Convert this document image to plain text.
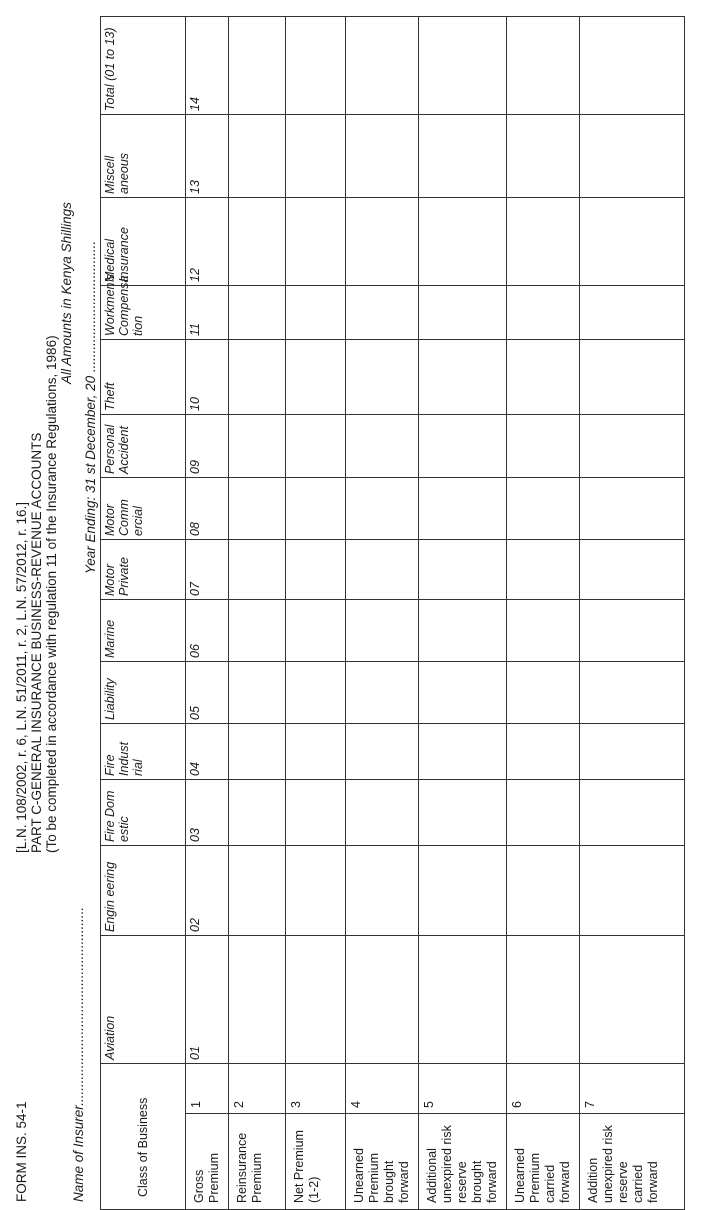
FORM INS. 54-1
[L.N. 108/2002, r. 6, L.N. 51/2011, r. 2, L.N. 57/2012, r. 16.] PART C-GENERAL INSURANCE BUSINESS-REVENUE ACCOUNTS (To be completed in accordance with regulation 11 of the Insurance Regulations, 1986)
Name of Insurer.....................................................
All Amounts in Kenya Shillings Year Ending: 31 st December, 20 ...................................
Class of Business		Aviation	Engin eering	Fire Dom estic	Fire Indust rial	Liability	Marine	Motor Private	Motor Comm ercial	Personal Accident	Theft	Workmen's Compensa tion	Medical Insurance	Miscell aneous	Total (01 to 13)

Gross Premium	1	01	02	03	04	05	06	07	08	09	10	11	12	13	14
Reinsurance Premium	2														
Net Premium (1-2)	3														
Unearned Premium brought forward	4														
Additional unexpired risk reserve brought forward	5														
Unearned Premium carried forward	6														
Addition unexpired risk reserve carried forward	7														
